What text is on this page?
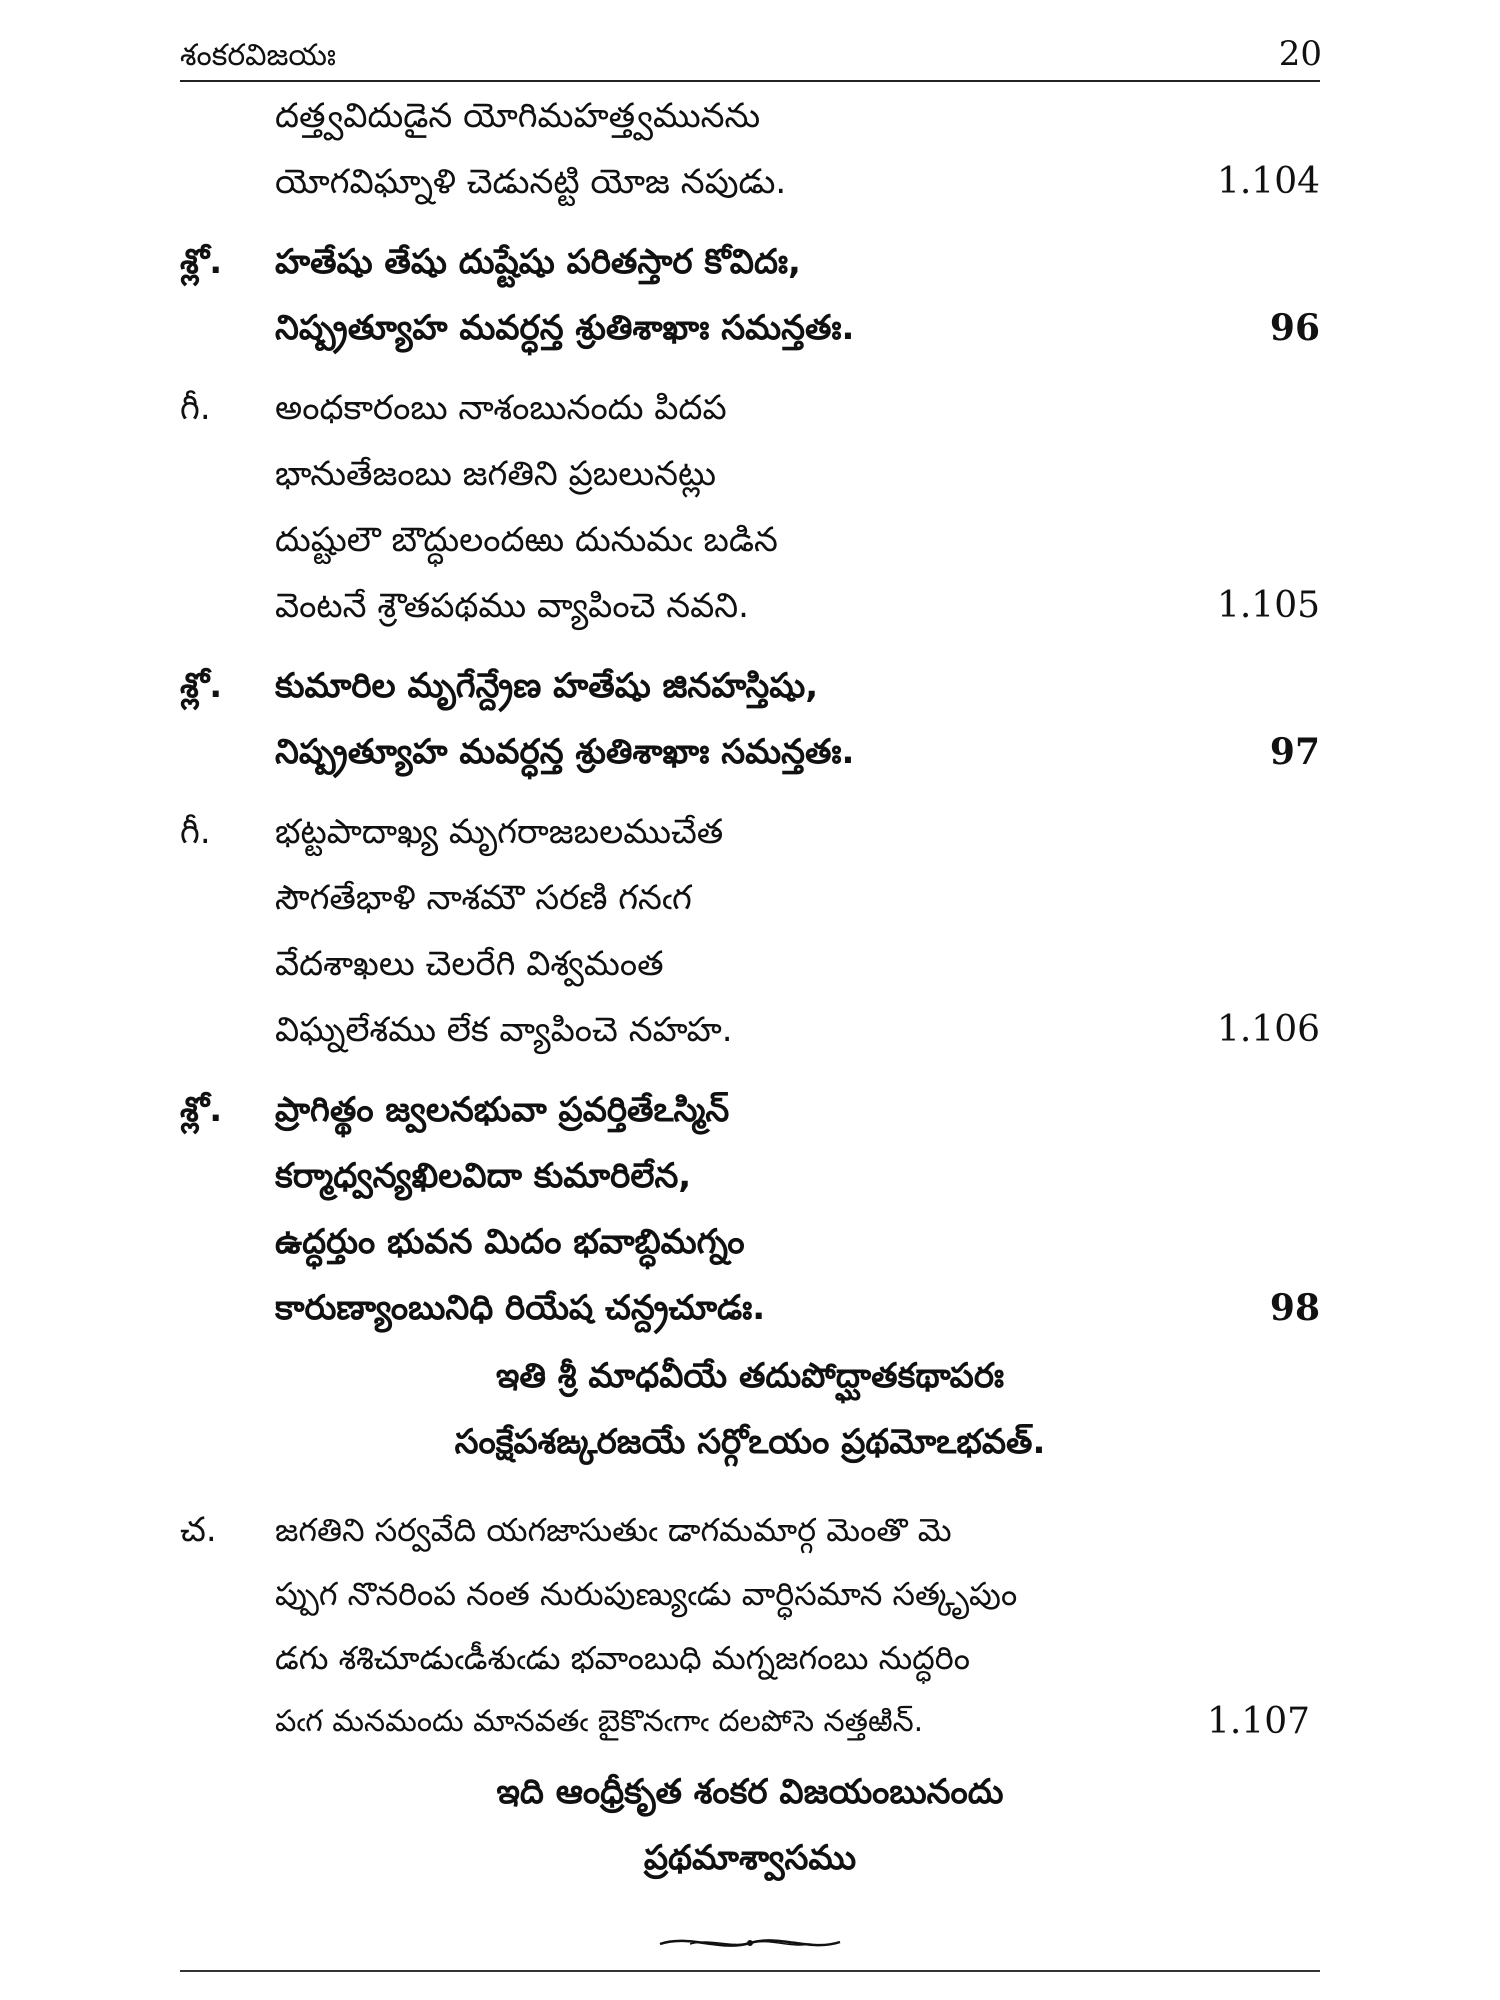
శంకరవిజయః	20
దత్త్వవిదుడైన యోగిమహత్త్వమునను
యోగవిఘ్నాళి చెడునట్టి యోజ నపుడు.	1.104
శ్లో. హతేషు తేషు దుష్టేషు పరితస్తార కోవిదః,
నిష్ప్రత్యూహ మవర్ధన్త శ్రుతిశాఖాః సమన్తతః.	96
గీ. అంధకారంబు నాశంబునందు పిదప
భానుతేజంబు జగతిని ప్రబలునట్లు
దుష్టులౌ బౌద్ధులందఱు దునుమఁ బడిన
వెంటనే శ్రౌతపథము వ్యాపించె నవని.	1.105
శ్లో. కుమారిల మృగేన్ద్రేణ హతేషు జినహస్తిషు,
నిష్ప్రత్యూహ మవర్ధన్త శ్రుతిశాఖాః సమన్తతః.	97
గీ. భట్టపాదాఖ్య మృగరాజబలముచేత
సౌగతేభాళి నాశమౌ సరణి గనఁగ
వేదశాఖలు చెలరేగి విశ్వమంత
విఘ్నలేశము లేక వ్యాపించె నహహ.	1.106
శ్లో. ప్రాగిత్థం జ్వలనభువా ప్రవర్తితేఽస్మిన్
కర్మాధ్వన్యఖిలవిదా కుమారిలేన,
ఉద్ధర్తుం భువన మిదం భవాబ్ధిమగ్నం
కారుణ్యాంబునిధి రియేష చన్ద్రచూడః.	98
ఇతి శ్రీ మాధవీయే తదుపోద్ఘాతకథాపరః
సంక్షేపశఙ్కరజయే సర్గోఽయం ప్రథమోఽభవత్.
చ. జగతిని సర్వవేది యగజాసుతుఁ డాగమమార్గ మెంతొ మె
ప్పుగ నొనరింప నంత నురుపుణ్యుఁడు వార్ధిసమాన సత్కృపుం
డగు శశిచూడుఁడీశుఁడు భవాంబుధి మగ్నజగంబు నుద్ధరిం
పఁగ మనమందు మానవతఁ బైకొనఁగాఁ దలపోసె నత్తఱిన్.	1.107
ఇది ఆంధ్రీకృత శంకర విజయంబునందు
ప్రథమాశ్వాసము
